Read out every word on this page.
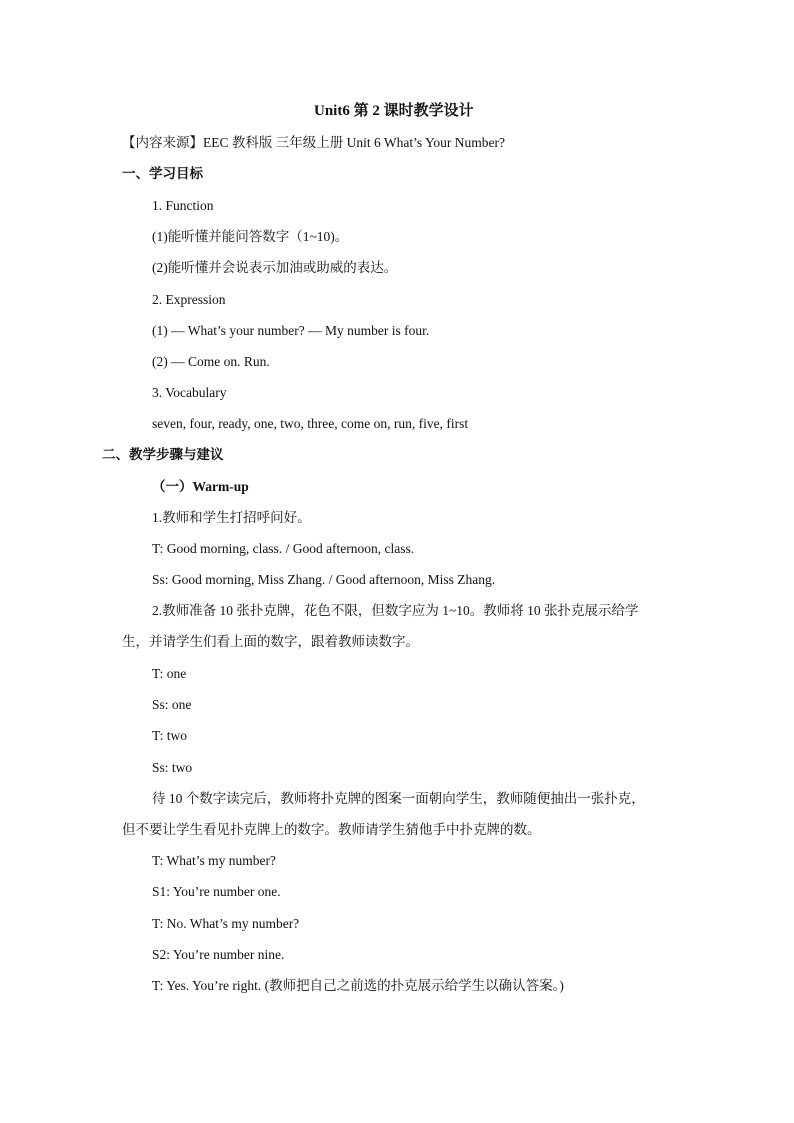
Unit6 第 2 课时教学设计
【内容来源】EEC 教科版 三年级上册 Unit 6 What’s Your Number?
一、学习目标
1. Function
(1)能听懂并能问答数字（1~10)。
(2)能听懂并会说表示加油或助威的表达。
2. Expression
(1) — What’s your number? — My number is four.
(2) — Come on. Run.
3. Vocabulary
seven, four, ready, one, two, three, come on, run, five, first
二、教学步骤与建议
（一）Warm-up
1.教师和学生打招呼问好。
T: Good morning, class. / Good afternoon, class.
Ss: Good morning, Miss Zhang. / Good afternoon, Miss Zhang.
2.教师准备 10 张扑克牌，花色不限，但数字应为 1~10。教师将 10 张扑克展示给学
生，并请学生们看上面的数字，跟着教师读数字。
T: one
Ss: one
T: two
Ss: two
待 10 个数字读完后，教师将扑克牌的图案一面朝向学生，教师随便抽出一张扑克，
但不要让学生看见扑克牌上的数字。教师请学生猜他手中扑克牌的数。
T: What’s my number?
S1: You’re number one.
T: No. What’s my number?
S2: You’re number nine.
T: Yes. You’re right. (教师把自己之前选的扑克展示给学生以确认答案。)
